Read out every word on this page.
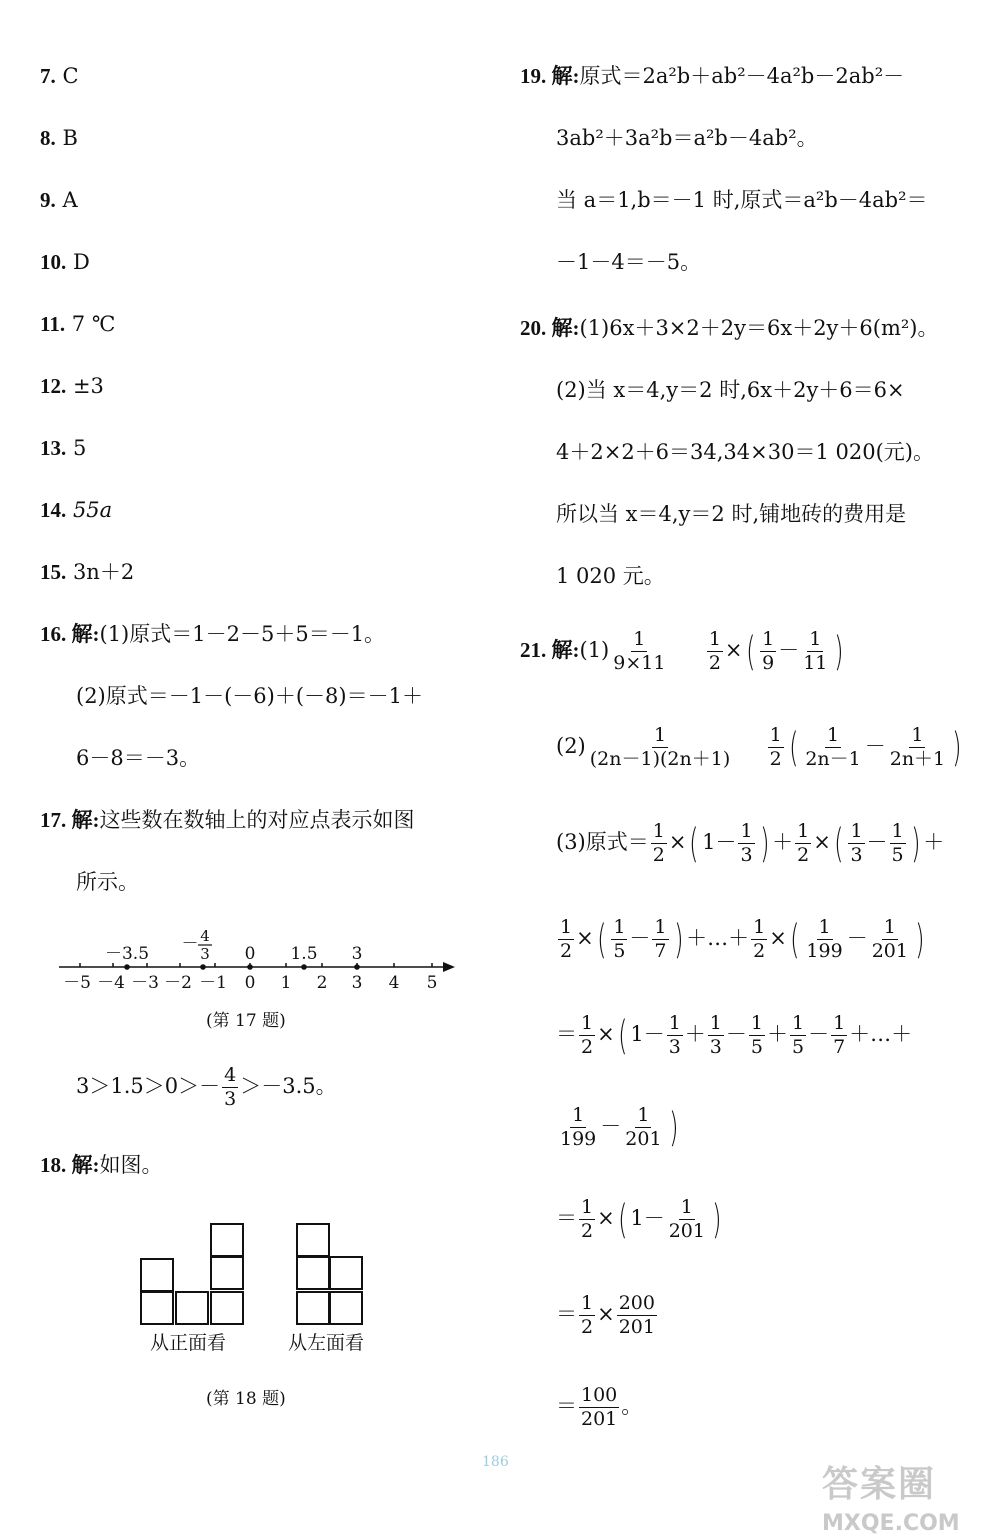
7. C
8. B
9. A
10. D
11. 7 ℃
12. ±3
13. 5
14. 55a
15. 3n＋2
16. 解:(1)原式＝1－2－5＋5＝－1。
(2)原式＝－1－(－6)＋(－8)＝－1＋
6－8＝－3。
17. 解:这些数在数轴上的对应点表示如图
所示。
－5 －4 －3 －2 －1 0 1 2 3 4 5
－3.5	0 1.5 3
－ 4
3
(第 17 题)
$3>1.5>0>- \frac{4}{3} >-3.5$。
18. 解:如图。
从正面看	从左面看
(第 18 题)
19. 解:原式＝2a²b＋ab²－4a²b－2ab²－
3ab²＋3a²b＝a²b－4ab²。
当 a＝1,b＝－1 时,原式＝a²b－4ab²＝
－1－4＝－5。
20. 解:(1)6x＋3×2＋2y＝6x＋2y＋6(m²)。
(2)当 x＝4,y＝2 时,6x＋2y＋6＝6×
4＋2×2＋6＝34,34×30＝1 020(元)。
所以当 x＝4,y＝2 时,铺地砖的费用是
1 020 元。
21. 解:(1) $\frac{1}{9\times 11}$
$\frac{1}{2}$ ×( $\frac{1}{9} - \frac{1}{11}$ )
$(2) \frac{1}{(2n-1)(2n+1)}$
$\frac{1}{2}$ ( $\frac{1}{2n-1} - \frac{1}{2n+1}$ )
(3)原式＝ $\frac{1}{2}$ ×( $1- \frac{1}{3}$ ) ＋ $\frac{1}{2}$ ×( $\frac{1}{3} - \frac{1}{5}$ ) ＋
$\frac{1}{2}$ ×( $\frac{1}{5} - \frac{1}{7}$ ) ＋…＋ $\frac{1}{2}$ ×( $\frac{1}{199} - \frac{1}{201}$ )
＝ $\frac{1}{2}$ ×( $1- \frac{1}{3} + \frac{1}{3} - \frac{1}{5} + \frac{1}{5} - \frac{1}{7}$ ＋…＋
$\frac{1}{199} - \frac{1}{201}$ )
＝ $\frac{1}{2}$ ×( $1- \frac{1}{201}$ )
＝ $\frac{1}{2} \times \frac{200}{201}$
＝ $\frac{100}{201}$ 。
186
答案圈
MXQE.COM
